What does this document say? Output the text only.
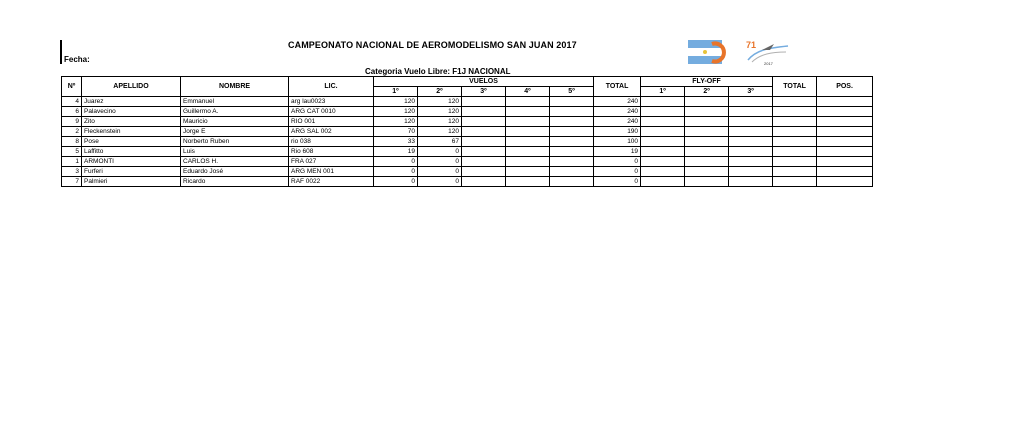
Fecha:
CAMPEONATO NACIONAL DE AEROMODELISMO SAN JUAN 2017
Categoria Vuelo Libre: F1J NACIONAL
71
2017
Nº	APELLIDO	NOMBRE	LIC.	VUELOS					TOTAL	FLY-OFF			TOTAL	POS.
				1º	2º	3º	4º	5º		1º	2º	3º		
4	Juarez	Emmanuel	arg lau0023	120	120				240					
6	Palavecino	Guillermo A.	ARG CAT 0010	120	120				240					
9	Zito	Mauricio	RIO 001	120	120				240					
2	Fleckenstein	Jorge E	ARG SAL 002	70	120				190					
8	Pose	Norberto Ruben	rio 038	33	67				100					
5	Laffitto	Luis	Rio 608	19	0				19					
1	ARMONTI	CARLOS H.	FRA 027	0	0				0					
3	Furferi	Eduardo José	ARG MEN 001	0	0				0					
7	Palmieri	Ricardo	RAF 0022	0	0				0					
